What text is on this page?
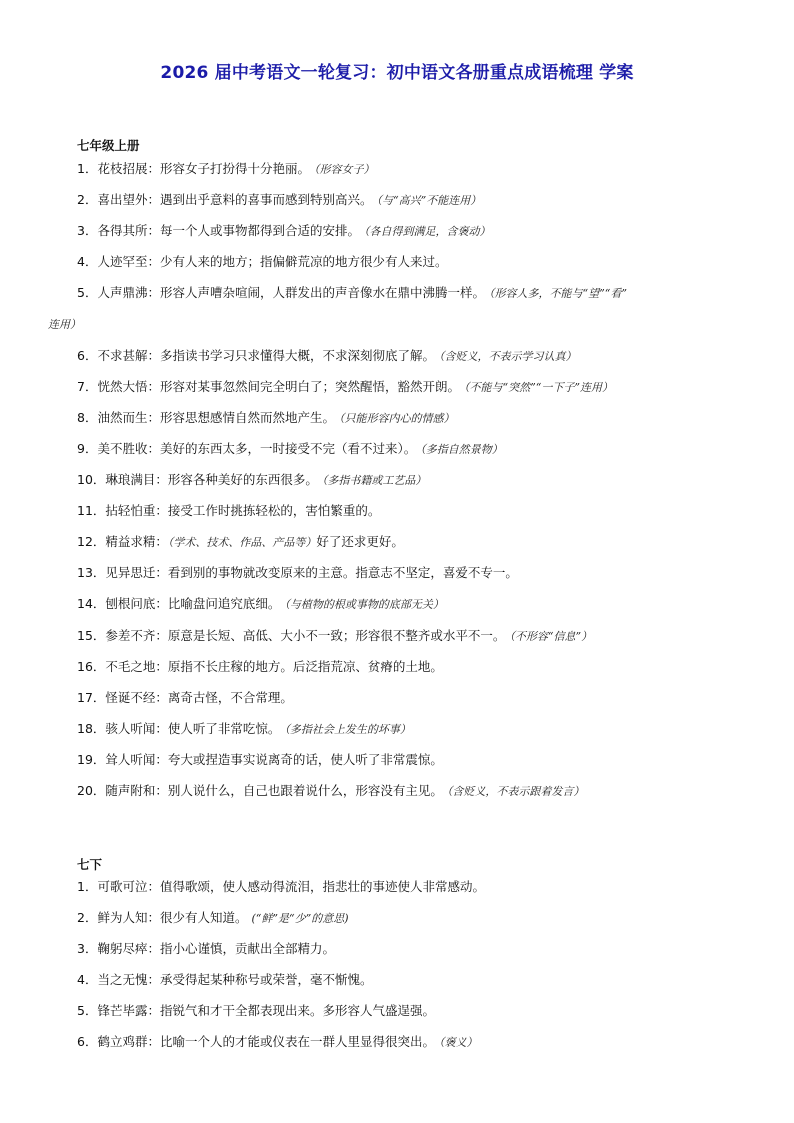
2026 届中考语文一轮复习：初中语文各册重点成语梳理 学案
七年级上册
1．花枝招展：形容女子打扮得十分艳丽。 （形容女子）
2．喜出望外：遇到出乎意料的喜事而感到特别高兴。 （与“高兴”不能连用）
3．各得其所：每一个人或事物都得到合适的安排。 （各自得到满足，含褒动）
4．人迹罕至：少有人来的地方；指偏僻荒凉的地方很少有人来过。
5．人声鼎沸：形容人声嘈杂喧闹，人群发出的声音像水在鼎中沸腾一样。 （形容人多，不能与“望”“看”
连用）
6．不求甚解：多指读书学习只求懂得大概，不求深刻彻底了解。 （含贬义，不表示学习认真）
7．恍然大悟：形容对某事忽然间完全明白了；突然醒悟，豁然开朗。 （不能与“突然”“一下子”连用）
8．油然而生：形容思想感情自然而然地产生。 （只能形容内心的情感）
9．美不胜收：美好的东西太多，一时接受不完（看不过来）。 （多指自然景物）
10．琳琅满目：形容各种美好的东西很多。 （多指书籍或工艺品）
11．拈轻怕重：接受工作时挑拣轻松的，害怕繁重的。
12．精益求精：（学术、技术、作品、产品等）好了还求更好。
13．见异思迁：看到别的事物就改变原来的主意。指意志不坚定，喜爱不专一。
14．刨根问底：比喻盘问追究底细。 （与植物的根或事物的底部无关）
15．参差不齐：原意是长短、高低、大小不一致；形容很不整齐或水平不一。 （不形容“信息”）
16．不毛之地：原指不长庄稼的地方。后泛指荒凉、贫瘠的土地。
17．怪诞不经：离奇古怪，不合常理。
18．骇人听闻：使人听了非常吃惊。 （多指社会上发生的坏事）
19．耸人听闻：夸大或捏造事实说离奇的话，使人听了非常震惊。
20．随声附和：别人说什么，自己也跟着说什么，形容没有主见。 （含贬义，不表示跟着发言）
七下
1．可歌可泣：值得歌颂，使人感动得流泪，指悲壮的事迹使人非常感动。
2．鲜为人知：很少有人知道。 (“鲜”是“少”的意思)
3．鞠躬尽瘁：指小心谨慎，贡献出全部精力。
4．当之无愧：承受得起某种称号或荣誉，毫不惭愧。
5．锋芒毕露：指锐气和才干全都表现出来。多形容人气盛逞强。
6．鹤立鸡群：比喻一个人的才能或仪表在一群人里显得很突出。 （褒义）
